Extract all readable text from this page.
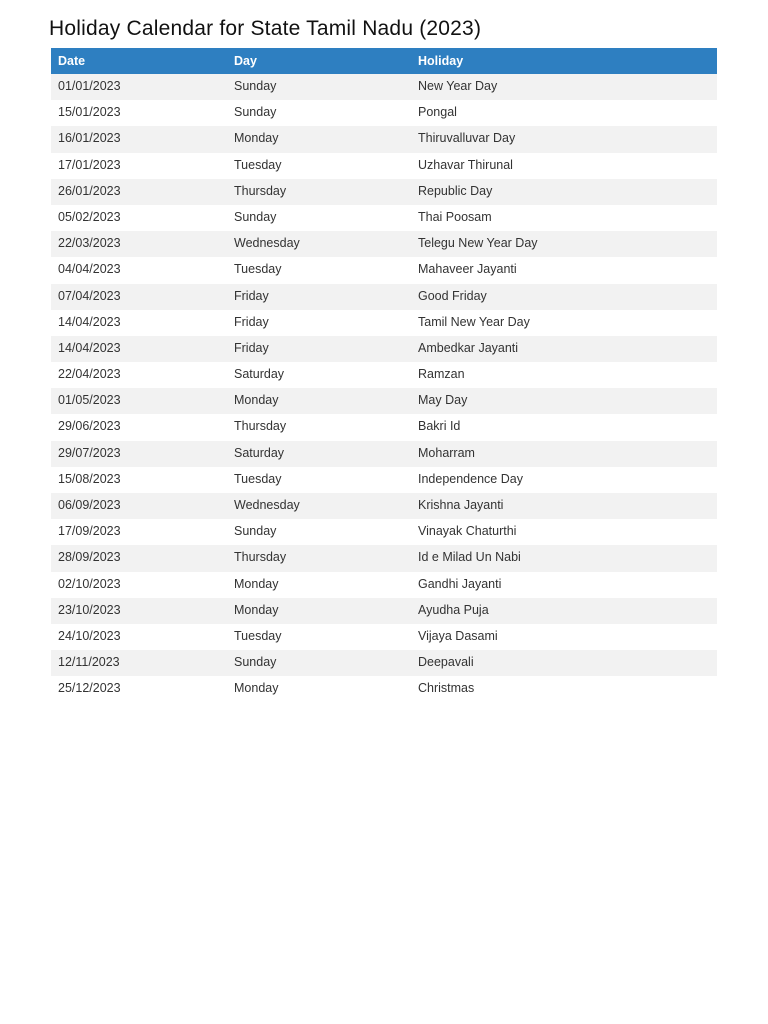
Holiday Calendar for State Tamil Nadu (2023)
Date	Day	Holiday
01/01/2023	Sunday	New Year Day
15/01/2023	Sunday	Pongal
16/01/2023	Monday	Thiruvalluvar Day
17/01/2023	Tuesday	Uzhavar Thirunal
26/01/2023	Thursday	Republic Day
05/02/2023	Sunday	Thai Poosam
22/03/2023	Wednesday	Telegu New Year Day
04/04/2023	Tuesday	Mahaveer Jayanti
07/04/2023	Friday	Good Friday
14/04/2023	Friday	Tamil New Year Day
14/04/2023	Friday	Ambedkar Jayanti
22/04/2023	Saturday	Ramzan
01/05/2023	Monday	May Day
29/06/2023	Thursday	Bakri Id
29/07/2023	Saturday	Moharram
15/08/2023	Tuesday	Independence Day
06/09/2023	Wednesday	Krishna Jayanti
17/09/2023	Sunday	Vinayak Chaturthi
28/09/2023	Thursday	Id e Milad Un Nabi
02/10/2023	Monday	Gandhi Jayanti
23/10/2023	Monday	Ayudha Puja
24/10/2023	Tuesday	Vijaya Dasami
12/11/2023	Sunday	Deepavali
25/12/2023	Monday	Christmas
